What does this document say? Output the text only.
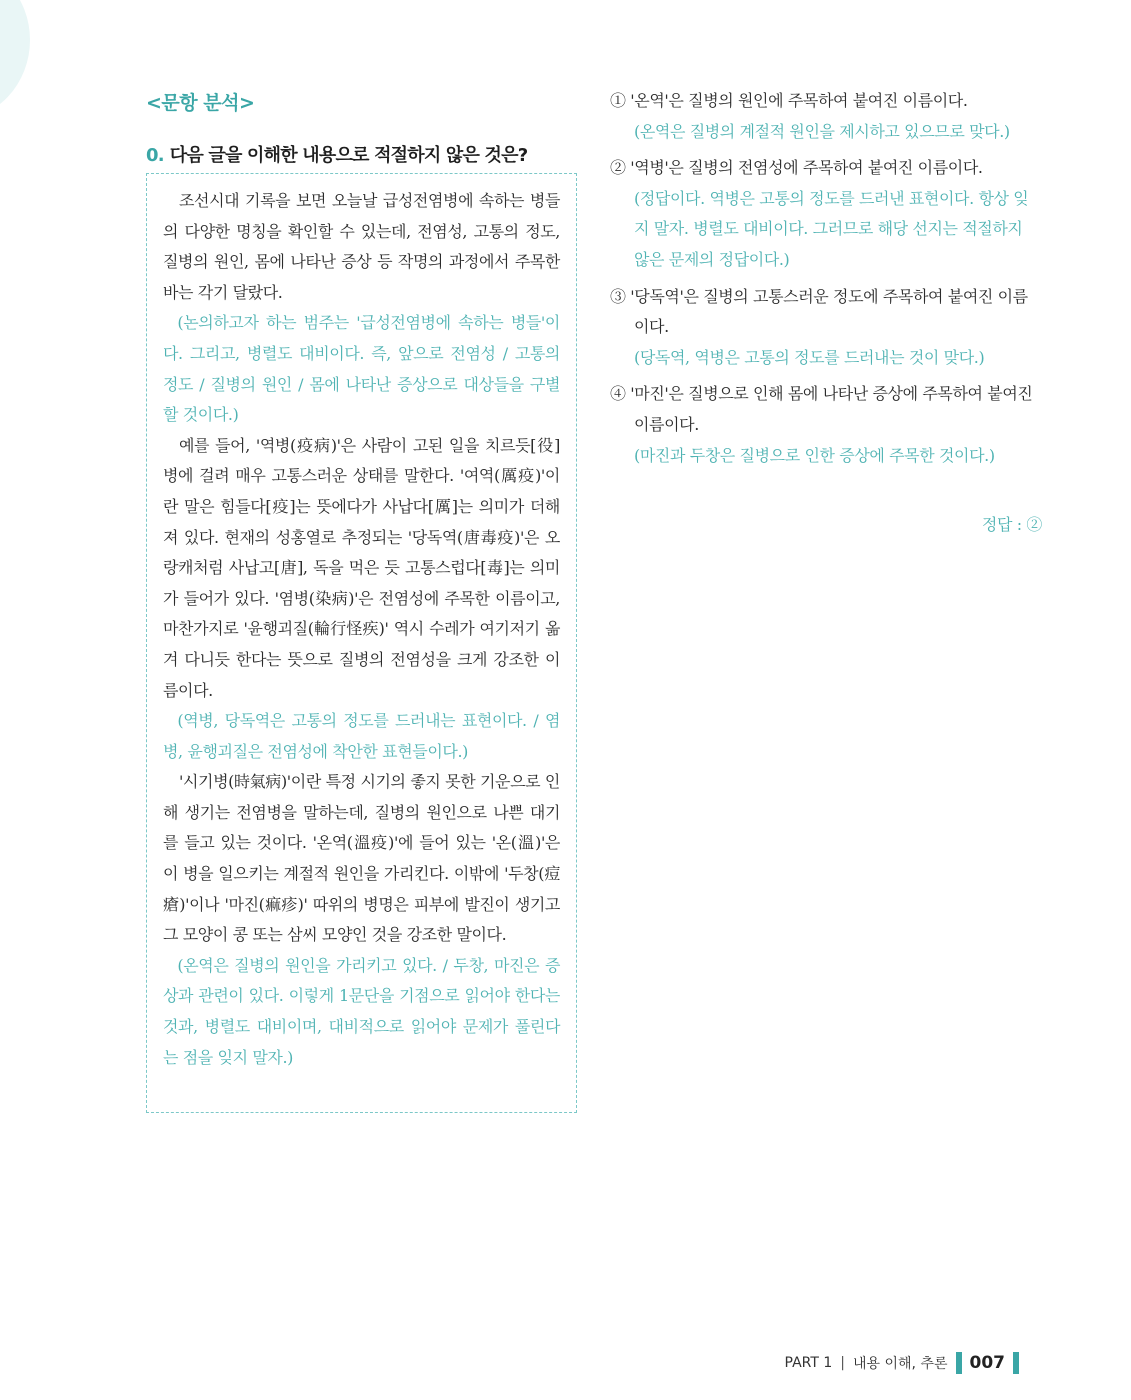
<문항 분석>
0. 다음 글을 이해한 내용으로 적절하지 않은 것은?

조선시대 기록을 보면 오늘날 급성전염병에 속하는 병들의 다양한 명칭을 확인할 수 있는데, 전염성, 고통의 정도, 질병의 원인, 몸에 나타난 증상 등 작명의 과정에서 주목한 바는 각기 달랐다.

(논의하고자 하는 범주는 '급성전염병에 속하는 병들'이다. 그리고, 병렬도 대비이다. 즉, 앞으로 전염성 / 고통의 정도 / 질병의 원인 / 몸에 나타난 증상으로 대상들을 구별할 것이다.)

예를 들어, '역병(疫病)'은 사람이 고된 일을 치르듯[役] 병에 걸려 매우 고통스러운 상태를 말한다. '여역(厲疫)'이란 말은 힘들다[疫]는 뜻에다가 사납다[厲]는 의미가 더해져 있다. 현재의 성홍열로 추정되는 '당독역(唐毒疫)'은 오랑캐처럼 사납고[唐], 독을 먹은 듯 고통스럽다[毒]는 의미가 들어가 있다. '염병(染病)'은 전염성에 주목한 이름이고, 마찬가지로 '윤행괴질(輪行怪疾)' 역시 수레가 여기저기 옮겨 다니듯 한다는 뜻으로 질병의 전염성을 크게 강조한 이름이다.

(역병, 당독역은 고통의 정도를 드러내는 표현이다. / 염병, 윤행괴질은 전염성에 착안한 표현들이다.)

'시기병(時氣病)'이란 특정 시기의 좋지 못한 기운으로 인해 생기는 전염병을 말하는데, 질병의 원인으로 나쁜 대기를 들고 있는 것이다. '온역(溫疫)'에 들어 있는 '온(溫)'은 이 병을 일으키는 계절적 원인을 가리킨다. 이밖에 '두창(痘瘡)'이나 '마진(痲疹)' 따위의 병명은 피부에 발진이 생기고 그 모양이 콩 또는 삼씨 모양인 것을 강조한 말이다.

(온역은 질병의 원인을 가리키고 있다. / 두창, 마진은 증상과 관련이 있다. 이렇게 1문단을 기점으로 읽어야 한다는 것과, 병렬도 대비이며, 대비적으로 읽어야 문제가 풀린다는 점을 잊지 말자.)

① '온역'은 질병의 원인에 주목하여 붙여진 이름이다.
(온역은 질병의 계절적 원인을 제시하고 있으므로 맞다.)
② '역병'은 질병의 전염성에 주목하여 붙여진 이름이다.
(정답이다. 역병은 고통의 정도를 드러낸 표현이다. 항상 잊지 말자. 병렬도 대비이다. 그러므로 해당 선지는 적절하지 않은 문제의 정답이다.)
③ '당독역'은 질병의 고통스러운 정도에 주목하여 붙여진 이름이다.
(당독역, 역병은 고통의 정도를 드러내는 것이 맞다.)
④ '마진'은 질병으로 인해 몸에 나타난 증상에 주목하여 붙여진 이름이다.
(마진과 두창은 질병으로 인한 증상에 주목한 것이다.)
정답 : ②
PART 1 | 내용 이해, 추론 007
